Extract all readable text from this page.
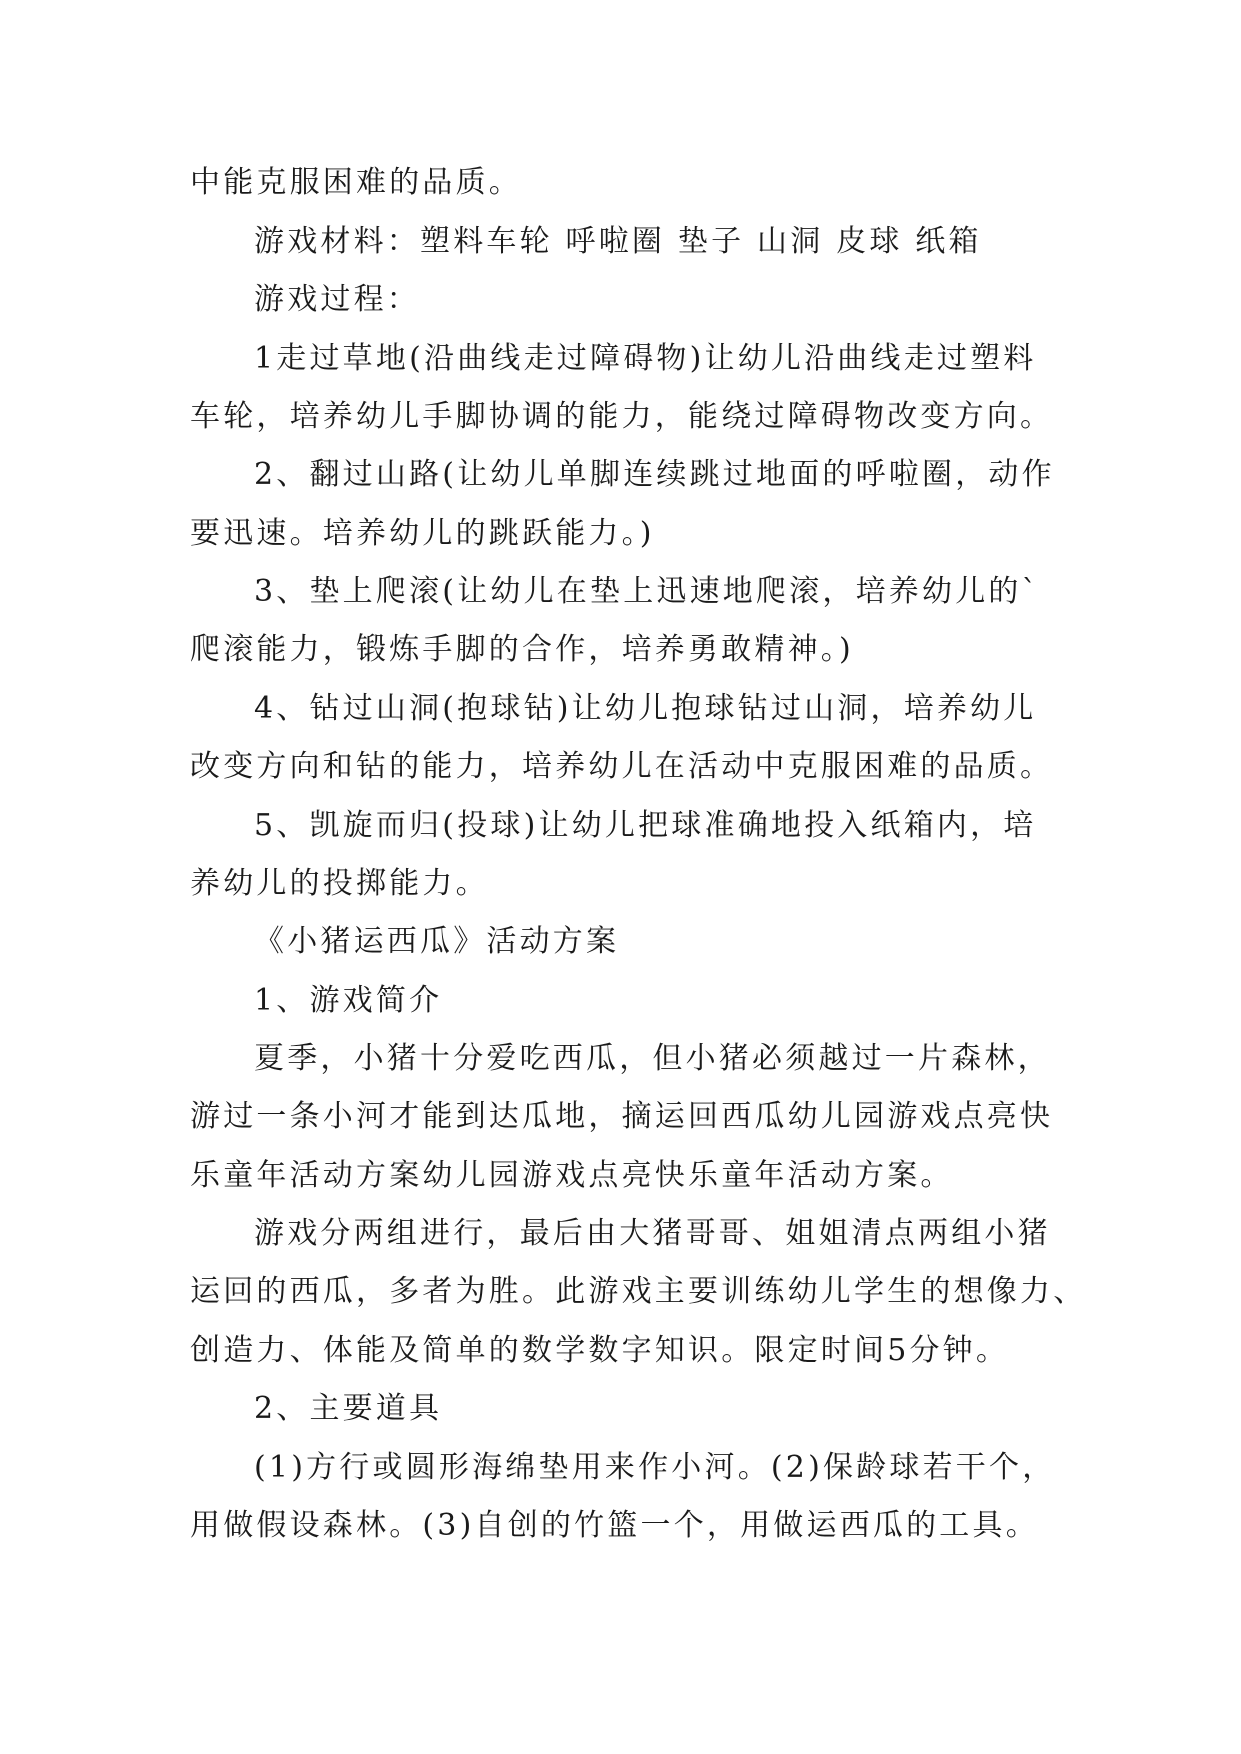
中能克服困难的品质。

游戏材料：塑料车轮 呼啦圈 垫子 山洞 皮球 纸箱

游戏过程：

1走过草地(沿曲线走过障碍物)让幼儿沿曲线走过塑料

车轮，培养幼儿手脚协调的能力，能绕过障碍物改变方向。

2、翻过山路(让幼儿单脚连续跳过地面的呼啦圈，动作

要迅速。培养幼儿的跳跃能力。)

3、垫上爬滚(让幼儿在垫上迅速地爬滚，培养幼儿的`

爬滚能力，锻炼手脚的合作，培养勇敢精神。)

4、钻过山洞(抱球钻)让幼儿抱球钻过山洞，培养幼儿

改变方向和钻的能力，培养幼儿在活动中克服困难的品质。

5、凯旋而归(投球)让幼儿把球准确地投入纸箱内，培

养幼儿的投掷能力。

《小猪运西瓜》活动方案

1、游戏简介

夏季，小猪十分爱吃西瓜，但小猪必须越过一片森林，

游过一条小河才能到达瓜地，摘运回西瓜幼儿园游戏点亮快

乐童年活动方案幼儿园游戏点亮快乐童年活动方案。

游戏分两组进行，最后由大猪哥哥、姐姐清点两组小猪

运回的西瓜，多者为胜。此游戏主要训练幼儿学生的想像力、

创造力、体能及简单的数学数字知识。限定时间5分钟。

2、主要道具

(1)方行或圆形海绵垫用来作小河。(2)保龄球若干个，

用做假设森林。(3)自创的竹篮一个，用做运西瓜的工具。
